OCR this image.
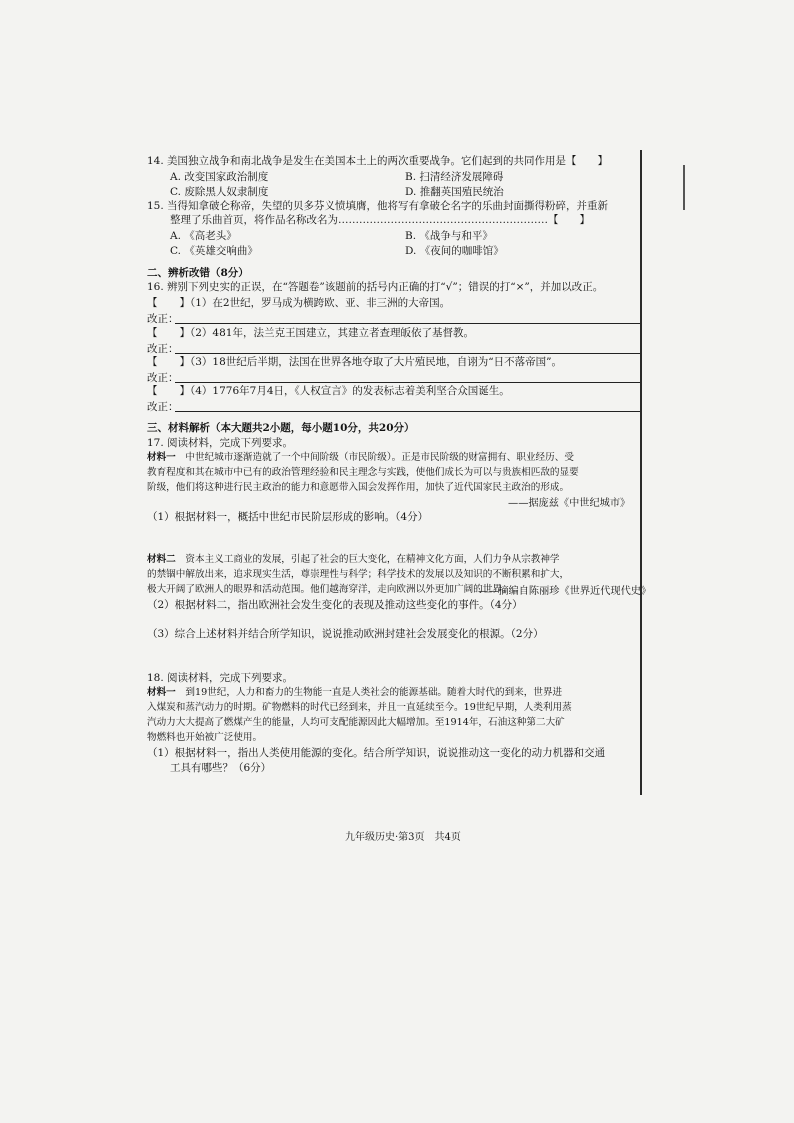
14. 美国独立战争和南北战争是发生在美国本土上的两次重要战争。它们起到的共同作用是【　　】
A. 改变国家政治制度	B. 扫清经济发展障碍
C. 废除黑人奴隶制度	D. 推翻英国殖民统治
15. 当得知拿破仑称帝，失望的贝多芬义愤填膺，他将写有拿破仑名字的乐曲封面撕得粉碎，并重新
整理了乐曲首页，将作品名称改名为……………………………………………………【　　】
A. 《高老头》	B. 《战争与和平》
C. 《英雄交响曲》	D. 《夜间的咖啡馆》
二、辨析改错（8分）
16. 辨别下列史实的正误，在“答题卷”该题前的括号内正确的打“√”；错误的打“×”，并加以改正。
【 】（1）在2世纪，罗马成为横跨欧、亚、非三洲的大帝国。
改正：
【 】（2）481年，法兰克王国建立，其建立者查理皈依了基督教。
改正：
【 】（3）18世纪后半期，法国在世界各地夺取了大片殖民地，自诩为“日不落帝国”。
改正：
【 】（4）1776年7月4日，《人权宣言》的发表标志着美利坚合众国诞生。
改正：
三、材料解析（本大题共2小题，每小题10分，共20分）
17. 阅读材料，完成下列要求。
材料一　中世纪城市逐渐造就了一个中间阶级（市民阶级）。正是市民阶级的财富拥有、职业经历、受
教育程度和其在城市中已有的政治管理经验和民主理念与实践，使他们成长为可以与贵族相匹敌的显要
阶级，他们将这种进行民主政治的能力和意愿带入国会发挥作用，加快了近代国家民主政治的形成。
——据庞兹《中世纪城市》
（1）根据材料一，概括中世纪市民阶层形成的影响。（4分）
材料二　资本主义工商业的发展，引起了社会的巨大变化，在精神文化方面，人们力争从宗教神学
的禁锢中解放出来，追求现实生活，尊崇理性与科学；科学技术的发展以及知识的不断积累和扩大，
极大开阔了欧洲人的眼界和活动范围。他们越海穿洋，走向欧洲以外更加广阔的世界。
——摘编自陈丽珍《世界近代现代史》
（2）根据材料二，指出欧洲社会发生变化的表现及推动这些变化的事件。（4分）
（3）综合上述材料并结合所学知识，说说推动欧洲封建社会发展变化的根源。（2分）
18. 阅读材料，完成下列要求。
材料一　到19世纪，人力和畜力的生物能一直是人类社会的能源基础。随着大时代的到来，世界进
入煤炭和蒸汽动力的时期。矿物燃料的时代已经到来，并且一直延续至今。19世纪早期，人类利用蒸
汽动力大大提高了燃煤产生的能量，人均可支配能源因此大幅增加。至1914年，石油这种第二大矿
物燃料也开始被广泛使用。
（1）根据材料一，指出人类使用能源的变化。结合所学知识，说说推动这一变化的动力机器和交通
工具有哪些？（6分）
九年级历史·第3页　共4页
